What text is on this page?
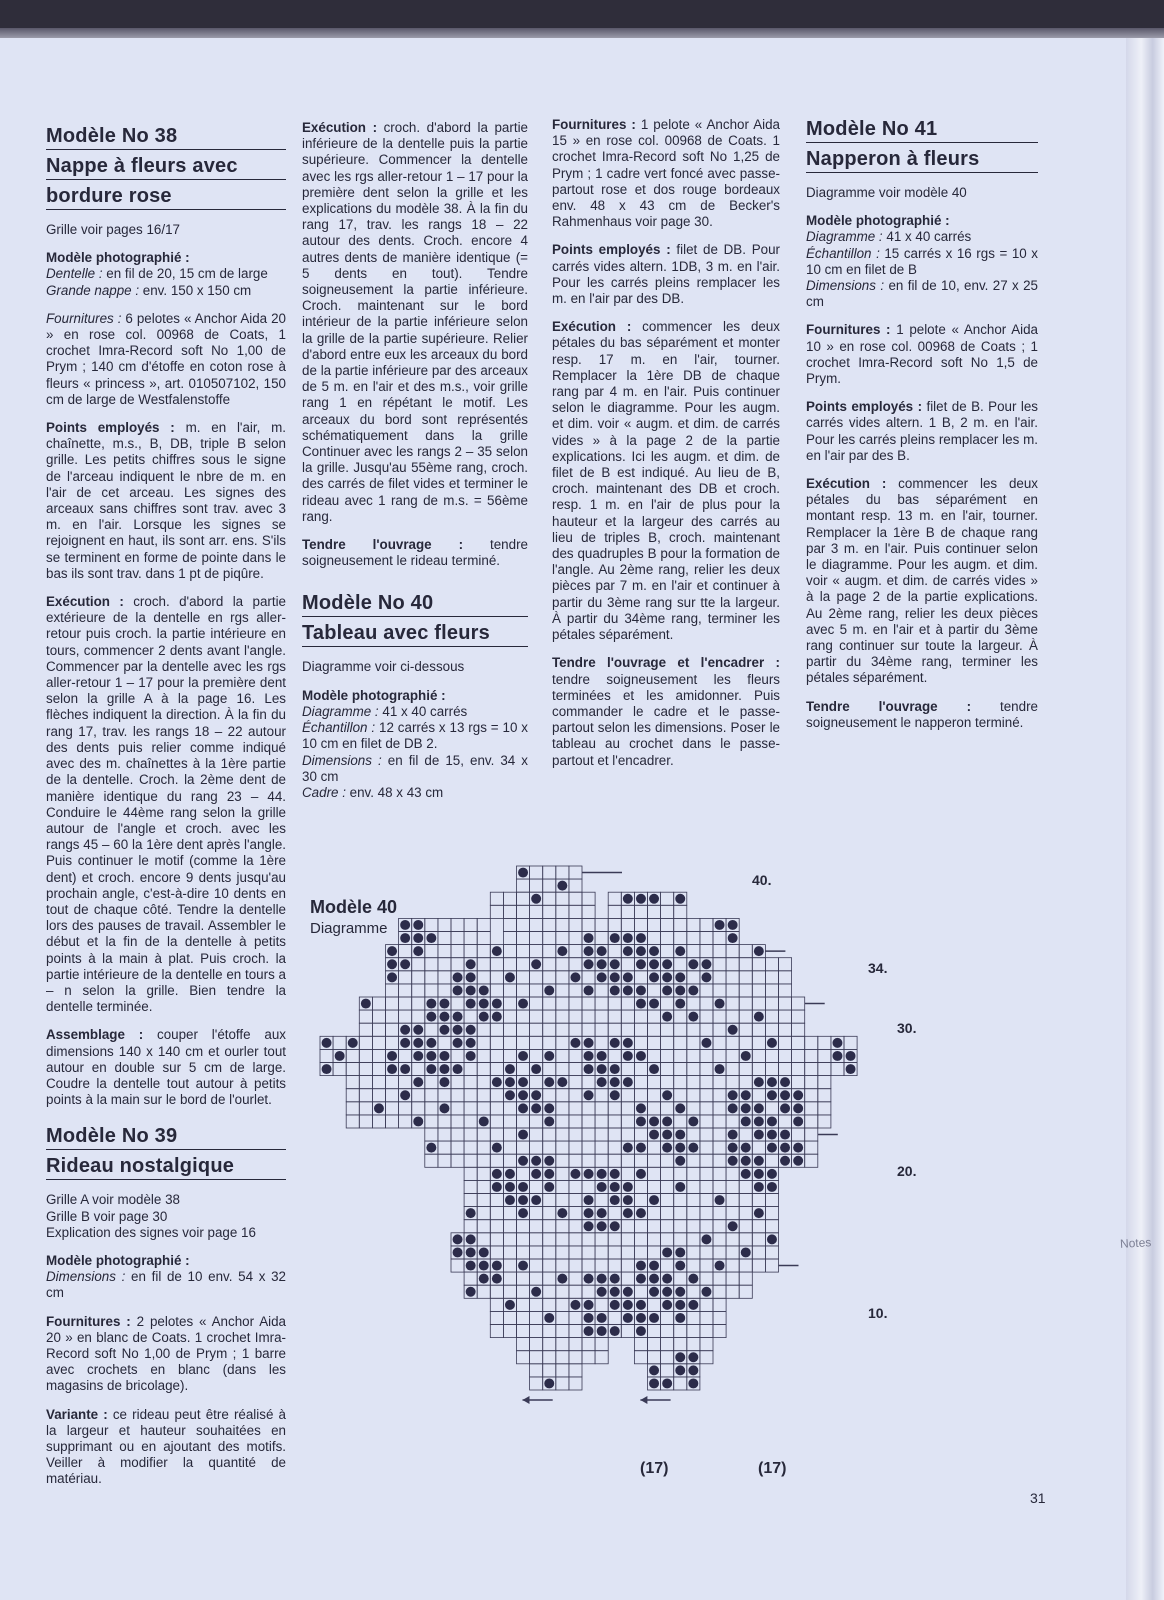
Modèle No 38
Nappe à fleurs avec
bordure rose

Grille voir pages 16/17

Modèle photographié :
Dentelle : en fil de 20, 15 cm de large
Grande nappe : env. 150 x 150 cm

Fournitures : 6 pelotes « Anchor Aida 20 » en rose col. 00968 de Coats, 1 crochet Imra-Record soft No 1,00 de Prym ; 140 cm d'étoffe en coton rose à fleurs « princess », art. 010507102, 150 cm de large de Westfalenstoffe

Points employés : m. en l'air, m. chaînette, m.s., B, DB, triple B selon grille. Les petits chiffres sous le signe de l'arceau indiquent le nbre de m. en l'air de cet arceau. Les signes des arceaux sans chiffres sont trav. avec 3 m. en l'air. Lorsque les signes se rejoignent en haut, ils sont arr. ens. S'ils se terminent en forme de pointe dans le bas ils sont trav. dans 1 pt de piqûre.

Exécution : croch. d'abord la partie extérieure de la dentelle en rgs aller-retour puis croch. la partie intérieure en tours, commencer 2 dents avant l'angle. Commencer par la dentelle avec les rgs aller-retour 1 – 17 pour la première dent selon la grille A à la page 16. Les flèches indiquent la direction. À la fin du rang 17, trav. les rangs 18 – 22 autour des dents puis relier comme indiqué avec des m. chaînettes à la 1ère partie de la dentelle. Croch. la 2ème dent de manière identique du rang 23 – 44. Conduire le 44ème rang selon la grille autour de l'angle et croch. avec les rangs 45 – 60 la 1ère dent après l'angle. Puis continuer le motif (comme la 1ère dent) et croch. encore 9 dents jusqu'au prochain angle, c'est-à-dire 10 dents en tout de chaque côté. Tendre la dentelle lors des pauses de travail. Assembler le début et la fin de la dentelle à petits points à la main à plat. Puis croch. la partie intérieure de la dentelle en tours a – n selon la grille. Bien tendre la dentelle terminée.

Assemblage : couper l'étoffe aux dimensions 140 x 140 cm et ourler tout autour en double sur 5 cm de large. Coudre la dentelle tout autour à petits points à la main sur le bord de l'ourlet.

Modèle No 39
Rideau nostalgique

Grille A voir modèle 38
Grille B voir page 30
Explication des signes voir page 16

Modèle photographié :
Dimensions : en fil de 10 env. 54 x 32 cm

Fournitures : 2 pelotes « Anchor Aida 20 » en blanc de Coats. 1 crochet Imra-Record soft No 1,00 de Prym ; 1 barre avec crochets en blanc (dans les magasins de bricolage).

Variante : ce rideau peut être réalisé à la largeur et hauteur souhaitées en supprimant ou en ajoutant des motifs. Veiller à modifier la quantité de matériau.

Exécution : croch. d'abord la partie inférieure de la dentelle puis la partie supérieure. Commencer la dentelle avec les rgs aller-retour 1 – 17 pour la première dent selon la grille et les explications du modèle 38. À la fin du rang 17, trav. les rangs 18 – 22 autour des dents. Croch. encore 4 autres dents de manière identique (= 5 dents en tout). Tendre soigneusement la partie inférieure. Croch. maintenant sur le bord intérieur de la partie inférieure selon la grille de la partie supérieure. Relier d'abord entre eux les arceaux du bord de la partie inférieure par des arceaux de 5 m. en l'air et des m.s., voir grille rang 1 en répétant le motif. Les arceaux du bord sont représentés schématiquement dans la grille Continuer avec les rangs 2 – 35 selon la grille. Jusqu'au 55ème rang, croch. des carrés de filet vides et terminer le rideau avec 1 rang de m.s. = 56ème rang.

Tendre l'ouvrage : tendre soigneusement le rideau terminé.

Modèle No 40
Tableau avec fleurs

Diagramme voir ci-dessous

Modèle photographié :
Diagramme : 41 x 40 carrés
Échantillon : 12 carrés x 13 rgs = 10 x 10 cm en filet de DB 2.
Dimensions : en fil de 15, env. 34 x 30 cm
Cadre : env. 48 x 43 cm

Fournitures : 1 pelote « Anchor Aida 15 » en rose col. 00968 de Coats. 1 crochet Imra-Record soft No 1,25 de Prym ; 1 cadre vert foncé avec passe-partout rose et dos rouge bordeaux env. 48 x 43 cm de Becker's Rahmenhaus voir page 30.

Points employés : filet de DB. Pour carrés vides altern. 1DB, 3 m. en l'air. Pour les carrés pleins remplacer les m. en l'air par des DB.

Exécution : commencer les deux pétales du bas séparément et monter resp. 17 m. en l'air, tourner. Remplacer la 1ère DB de chaque rang par 4 m. en l'air. Puis continuer selon le diagramme. Pour les augm. et dim. voir « augm. et dim. de carrés vides » à la page 2 de la partie explications. Ici les augm. et dim. de filet de B est indiqué. Au lieu de B, croch. maintenant des DB et croch. resp. 1 m. en l'air de plus pour la hauteur et la largeur des carrés au lieu de triples B, croch. maintenant des quadruples B pour la formation de l'angle. Au 2ème rang, relier les deux pièces par 7 m. en l'air et continuer à partir du 3ème rang sur tte la largeur. À partir du 34ème rang, terminer les pétales séparément.

Tendre l'ouvrage et l'encadrer : tendre soigneusement les fleurs terminées et les amidonner. Puis commander le cadre et le passe-partout selon les dimensions. Poser le tableau au crochet dans le passe-partout et l'encadrer.

Modèle No 41
Napperon à fleurs

Diagramme voir modèle 40

Modèle photographié :
Diagramme : 41 x 40 carrés
Échantillon : 15 carrés x 16 rgs = 10 x 10 cm en filet de B
Dimensions : en fil de 10, env. 27 x 25 cm

Fournitures : 1 pelote « Anchor Aida 10 » en rose col. 00968 de Coats ; 1 crochet Imra-Record soft No 1,5 de Prym.

Points employés : filet de B. Pour les carrés vides altern. 1 B, 2 m. en l'air. Pour les carrés pleins remplacer les m. en l'air par des B.

Exécution : commencer les deux pétales du bas séparément en montant resp. 13 m. en l'air, tourner. Remplacer la 1ère B de chaque rang par 3 m. en l'air. Puis continuer selon le diagramme. Pour les augm. et dim. voir « augm. et dim. de carrés vides » à la page 2 de la partie explications. Au 2ème rang, relier les deux pièces avec 5 m. en l'air et à partir du 3ème rang continuer sur toute la largeur. À partir du 34ème rang, terminer les pétales séparément.

Tendre l'ouvrage : tendre soigneusement le napperon terminé.

Modèle 40
Diagramme
40.
34.
30.
20.
10.
(17)	(17)
Notes
31
